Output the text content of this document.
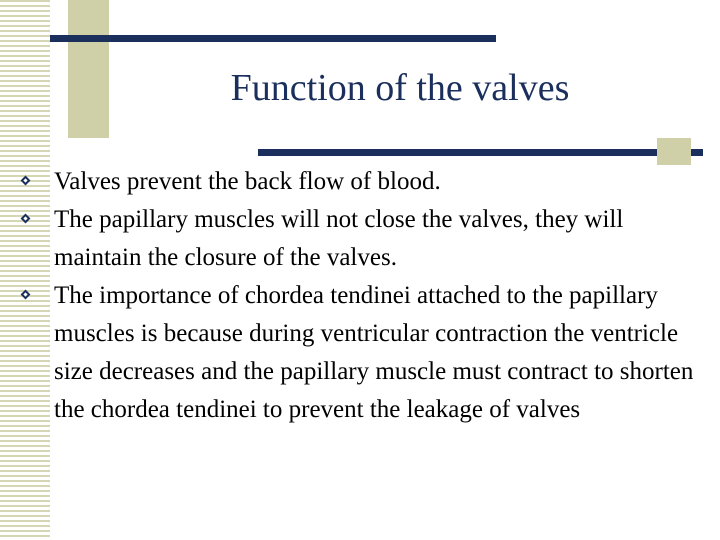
Function of the valves
Valves prevent the back flow of blood.
The papillary muscles will not close the valves, they will maintain the closure of the valves.
The importance of chordea tendinei attached to the papillary muscles is because during ventricular contraction the ventricle size decreases and the papillary muscle must contract to shorten the chordea tendinei to prevent the leakage of valves
